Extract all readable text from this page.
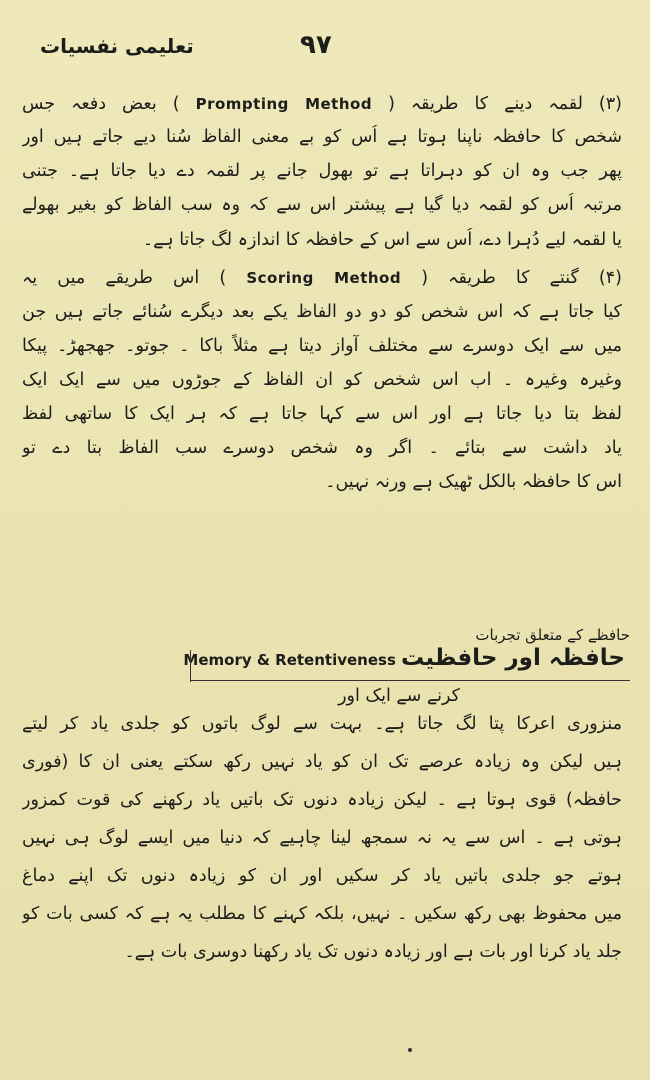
تعلیمی نفسیات	۹۷
(۳) لقمہ دینے کا طریقہ ( Prompting Method ) بعض دفعہ جس
شخص کا حافظہ ناپنا ہوتا ہے اُس کو بے معنی الفاظ سُنا دیے جاتے ہیں اور
پھر جب وہ ان کو دہراتا ہے تو بھول جانے پر لقمہ دے دیا جاتا ہے۔ جتنی
مرتبہ اُس کو لقمہ دیا گیا ہے پیشتر اس سے کہ وہ سب الفاظ کو بغیر بھولے
یا لقمہ لیے دُہرا دے، اُس سے اس کے حافظہ کا اندازہ لگ جاتا ہے۔
(۴) گنتے کا طریقہ ( Scoring Method ) اس طریقے میں یہ
کیا جاتا ہے کہ اس شخص کو دو دو الفاظ یکے بعد دیگرے سُنائے جاتے ہیں جن
میں سے ایک دوسرے سے مختلف آواز دیتا ہے مثلاً باکا ۔ جوتو۔ جھجھڑ۔ پیکا
وغیرہ وغیرہ ۔ اب اس شخص کو ان الفاظ کے جوڑوں میں سے ایک ایک
لفظ بتا دیا جاتا ہے اور اس سے کہا جاتا ہے کہ ہر ایک کا ساتھی لفظ
یاد داشت سے بتائے ۔ اگر وہ شخص دوسرے سب الفاظ بتا دے تو
اس کا حافظہ بالکل ٹھیک ہے ورنہ نہیں۔
حافظے کے متعلق تجربات
حافظہ اور حافظیت Memory & Retentiveness
کرنے سے ایک اور
منزوری اعرکا پتا لگ جاتا ہے۔ بہت سے لوگ باتوں کو جلدی یاد کر لیتے
ہیں لیکن وہ زیادہ عرصے تک ان کو یاد نہیں رکھ سکتے یعنی ان کا (فوری
حافظہ) قوی ہوتا ہے ۔ لیکن زیادہ دنوں تک باتیں یاد رکھنے کی قوت کمزور
ہوتی ہے ۔ اس سے یہ نہ سمجھ لینا چاہیے کہ دنیا میں ایسے لوگ ہی نہیں
ہوتے جو جلدی باتیں یاد کر سکیں اور ان کو زیادہ دنوں تک اپنے دماغ
میں محفوظ بھی رکھ سکیں ۔ نہیں، بلکہ کہنے کا مطلب یہ ہے کہ کسی بات کو
جلد یاد کرنا اور بات ہے اور زیادہ دنوں تک یاد رکھنا دوسری بات ہے۔
